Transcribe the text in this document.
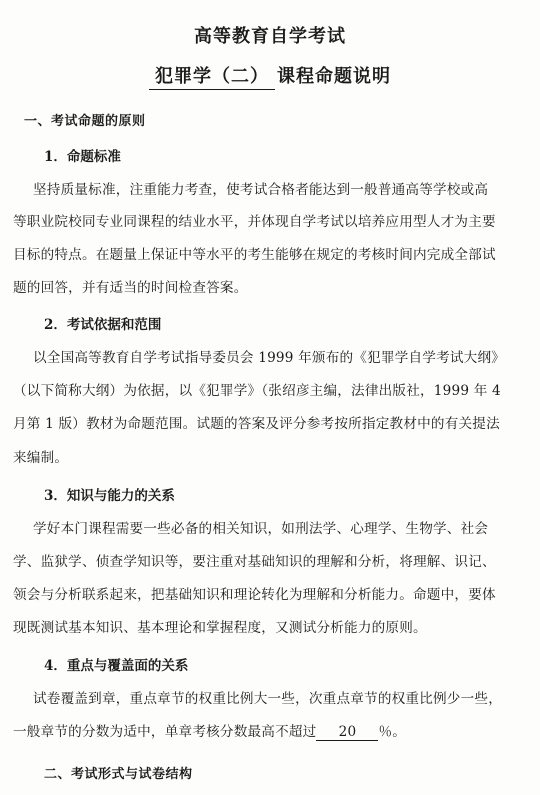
高等教育自学考试
犯罪学（二） 课程命题说明
一、考试命题的原则
1．命题标准
坚持质量标准，注重能力考查，使考试合格者能达到一般普通高等学校或高
等职业院校同专业同课程的结业水平，并体现自学考试以培养应用型人才为主要
目标的特点。在题量上保证中等水平的考生能够在规定的考核时间内完成全部试
题的回答，并有适当的时间检查答案。
2．考试依据和范围
以全国高等教育自学考试指导委员会 1999 年颁布的《犯罪学自学考试大纲》
（以下简称大纲）为依据，以《犯罪学》（张绍彦主编，法律出版社，1999 年 4
月第 1 版）教材为命题范围。试题的答案及评分参考按所指定教材中的有关提法
来编制。
3．知识与能力的关系
学好本门课程需要一些必备的相关知识，如刑法学、心理学、生物学、社会
学、监狱学、侦查学知识等，要注重对基础知识的理解和分析，将理解、识记、
领会与分析联系起来，把基础知识和理论转化为理解和分析能力。命题中，要体
现既测试基本知识、基本理论和掌握程度，又测试分析能力的原则。
4．重点与覆盖面的关系
试卷覆盖到章，重点章节的权重比例大一些，次重点章节的权重比例少一些，
一般章节的分数为适中，单章考核分数最高不超过 20 ％。
二、考试形式与试卷结构
